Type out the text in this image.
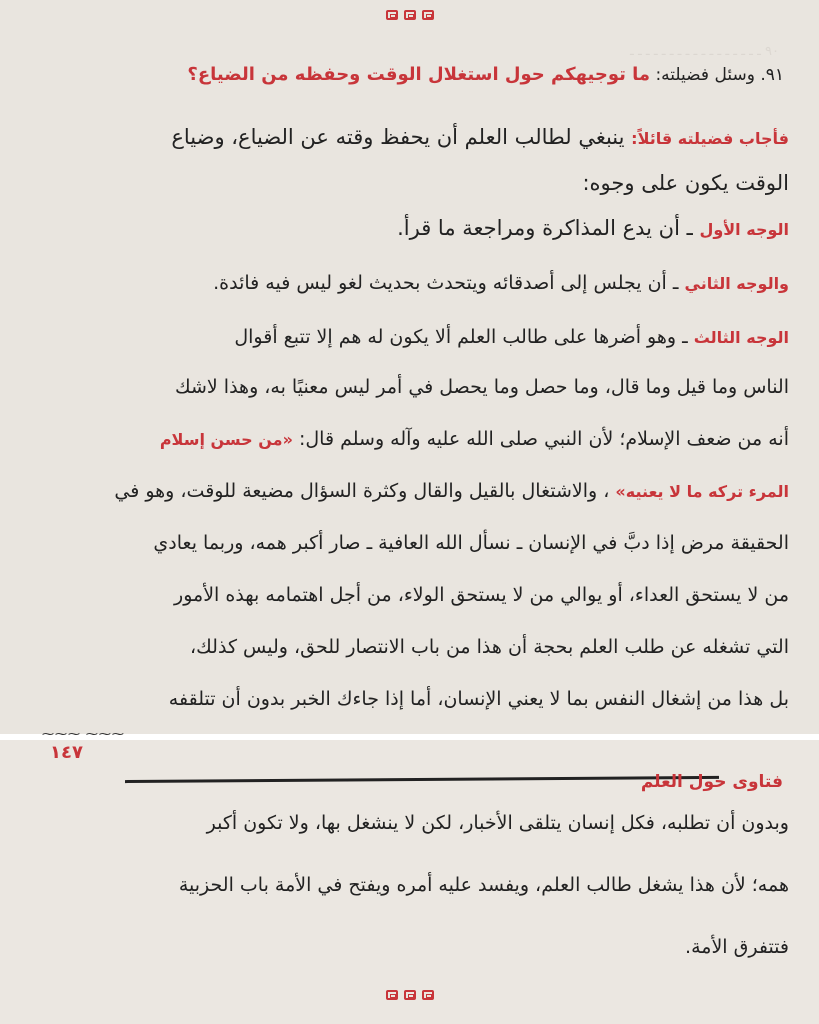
٩٠ ـ ـ ـ ـ ـ ـ ـ ـ ـ ـ ـ ـ ـ ـ ـ ـ ـ
٩١. وسئل فضيلته: ما توجيهكم حول استغلال الوقت وحفظه من الضياع؟
فأجاب فضيلته قائلاً: ينبغي لطالب العلم أن يحفظ وقته عن الضياع، وضياع
الوقت يكون على وجوه:
الوجه الأول ـ أن يدع المذاكرة ومراجعة ما قرأ.
والوجه الثاني ـ أن يجلس إلى أصدقائه ويتحدث بحديث لغو ليس فيه فائدة.
الوجه الثالث ـ وهو أضرها على طالب العلم ألا يكون له هم إلا تتبع أقوال
الناس وما قيل وما قال، وما حصل وما يحصل في أمر ليس معنيًا به، وهذا لاشك
أنه من ضعف الإسلام؛ لأن النبي صلى الله عليه وآله وسلم قال: «من حسن إسلام
المرء تركه ما لا يعنيه» ، والاشتغال بالقيل والقال وكثرة السؤال مضيعة للوقت، وهو في
الحقيقة مرض إذا دبَّ في الإنسان ـ نسأل الله العافية ـ صار أكبر همه، وربما يعادي
من لا يستحق العداء، أو يوالي من لا يستحق الولاء، من أجل اهتمامه بهذه الأمور
التي تشغله عن طلب العلم بحجة أن هذا من باب الانتصار للحق، وليس كذلك،
بل هذا من إشغال النفس بما لا يعني الإنسان، أما إذا جاءك الخبر بدون أن تتلقفه
⁓⁓⁓ ⁓⁓⁓
١٤٧
فتاوى حول العلم
وبدون أن تطلبه، فكل إنسان يتلقى الأخبار، لكن لا ينشغل بها، ولا تكون أكبر
همه؛ لأن هذا يشغل طالب العلم، ويفسد عليه أمره ويفتح في الأمة باب الحزبية
فتتفرق الأمة.
